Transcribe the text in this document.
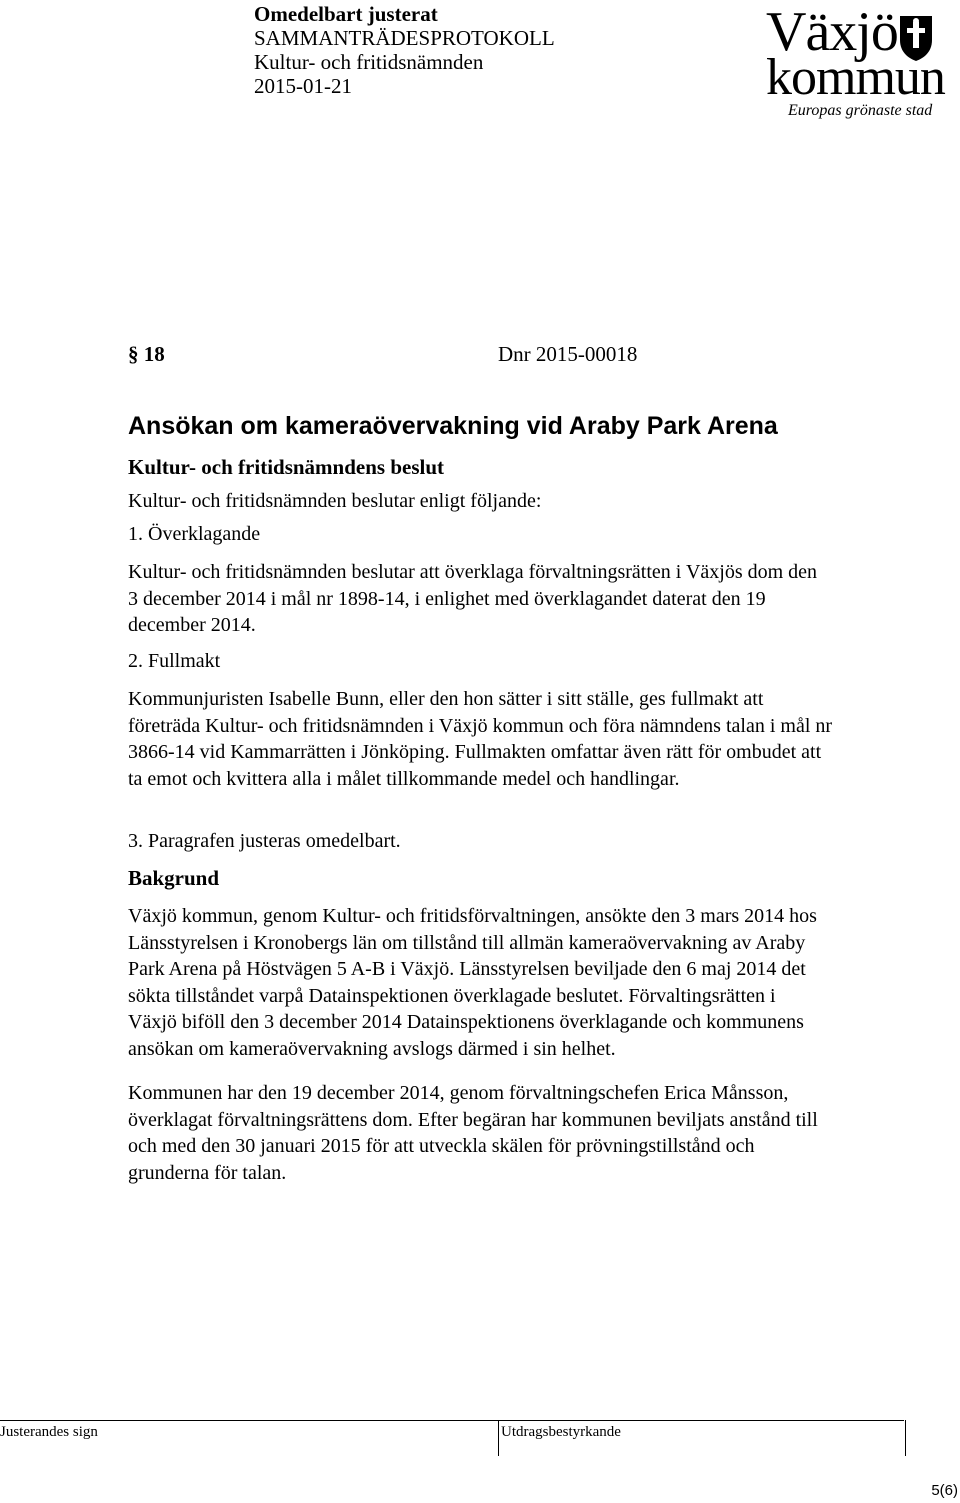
Omedelbart justerat
SAMMANTRÄDESPROTOKOLL
Kultur- och fritidsnämnden
2015-01-21
Växjö
kommun
Europas grönaste stad
§ 18	Dnr 2015-00018
Ansökan om kameraövervakning vid Araby Park Arena
Kultur- och fritidsnämndens beslut
Kultur- och fritidsnämnden beslutar enligt följande:
1. Överklagande

Kultur- och fritidsnämnden beslutar att överklaga förvaltningsrätten i Växjös dom den 3 december 2014 i mål nr 1898-14, i enlighet med överklagandet daterat den 19 december 2014.

2. Fullmakt

Kommunjuristen Isabelle Bunn, eller den hon sätter i sitt ställe, ges fullmakt att företräda Kultur- och fritidsnämnden i Växjö kommun och föra nämndens talan i mål nr 3866-14 vid Kammarrätten i Jönköping. Fullmakten omfattar även rätt för ombudet att ta emot och kvittera alla i målet tillkommande medel och handlingar.

3. Paragrafen justeras omedelbart.
Bakgrund

Växjö kommun, genom Kultur- och fritidsförvaltningen, ansökte den 3 mars 2014 hos Länsstyrelsen i Kronobergs län om tillstånd till allmän kameraövervakning av Araby Park Arena på Höstvägen 5 A-B i Växjö. Länsstyrelsen beviljade den 6 maj 2014 det sökta tillståndet varpå Datainspektionen överklagade beslutet. Förvaltingsrätten i Växjö biföll den 3 december 2014 Datainspektionens överklagande och kommunens ansökan om kameraövervakning avslogs därmed i sin helhet.

Kommunen har den 19 december 2014, genom förvaltningschefen Erica Månsson, överklagat förvaltningsrättens dom. Efter begäran har kommunen beviljats anstånd till och med den 30 januari 2015 för att utveckla skälen för prövningstillstånd och grunderna för talan.

Justerandes sign	Utdragsbestyrkande
5(6)
